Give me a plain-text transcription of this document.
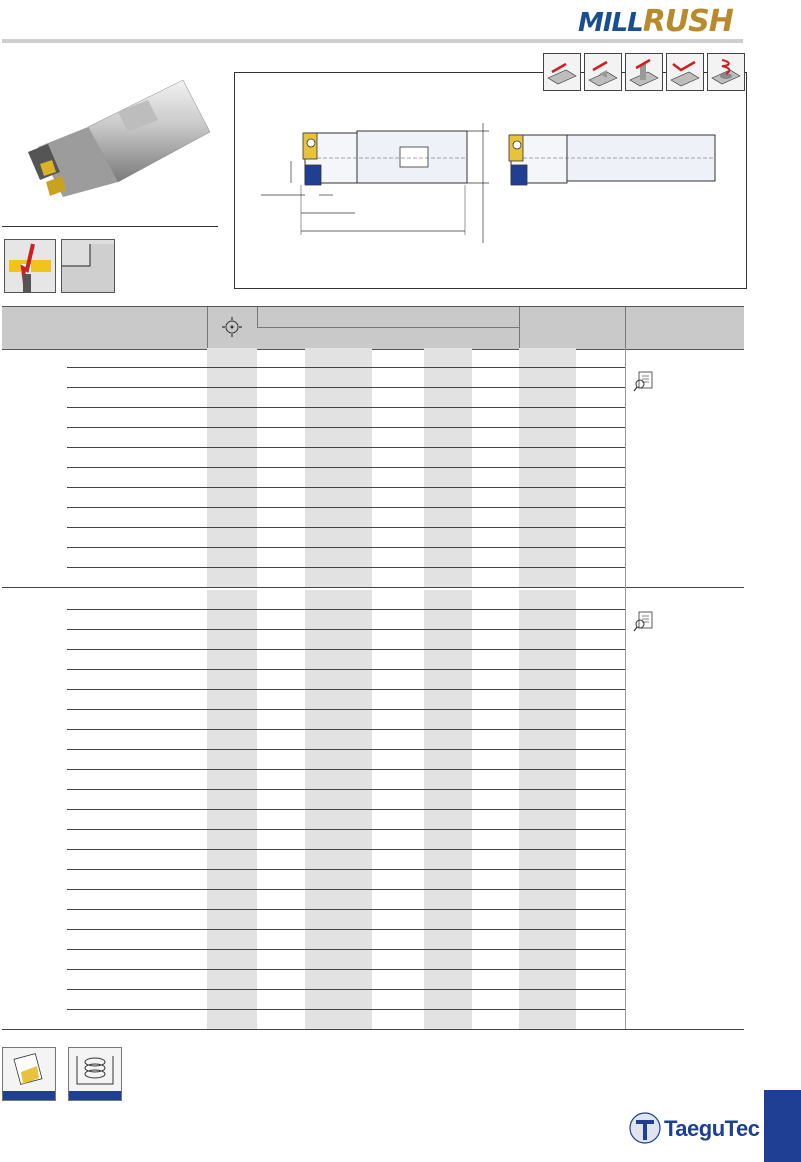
MILLRUSH
TaeguTec
